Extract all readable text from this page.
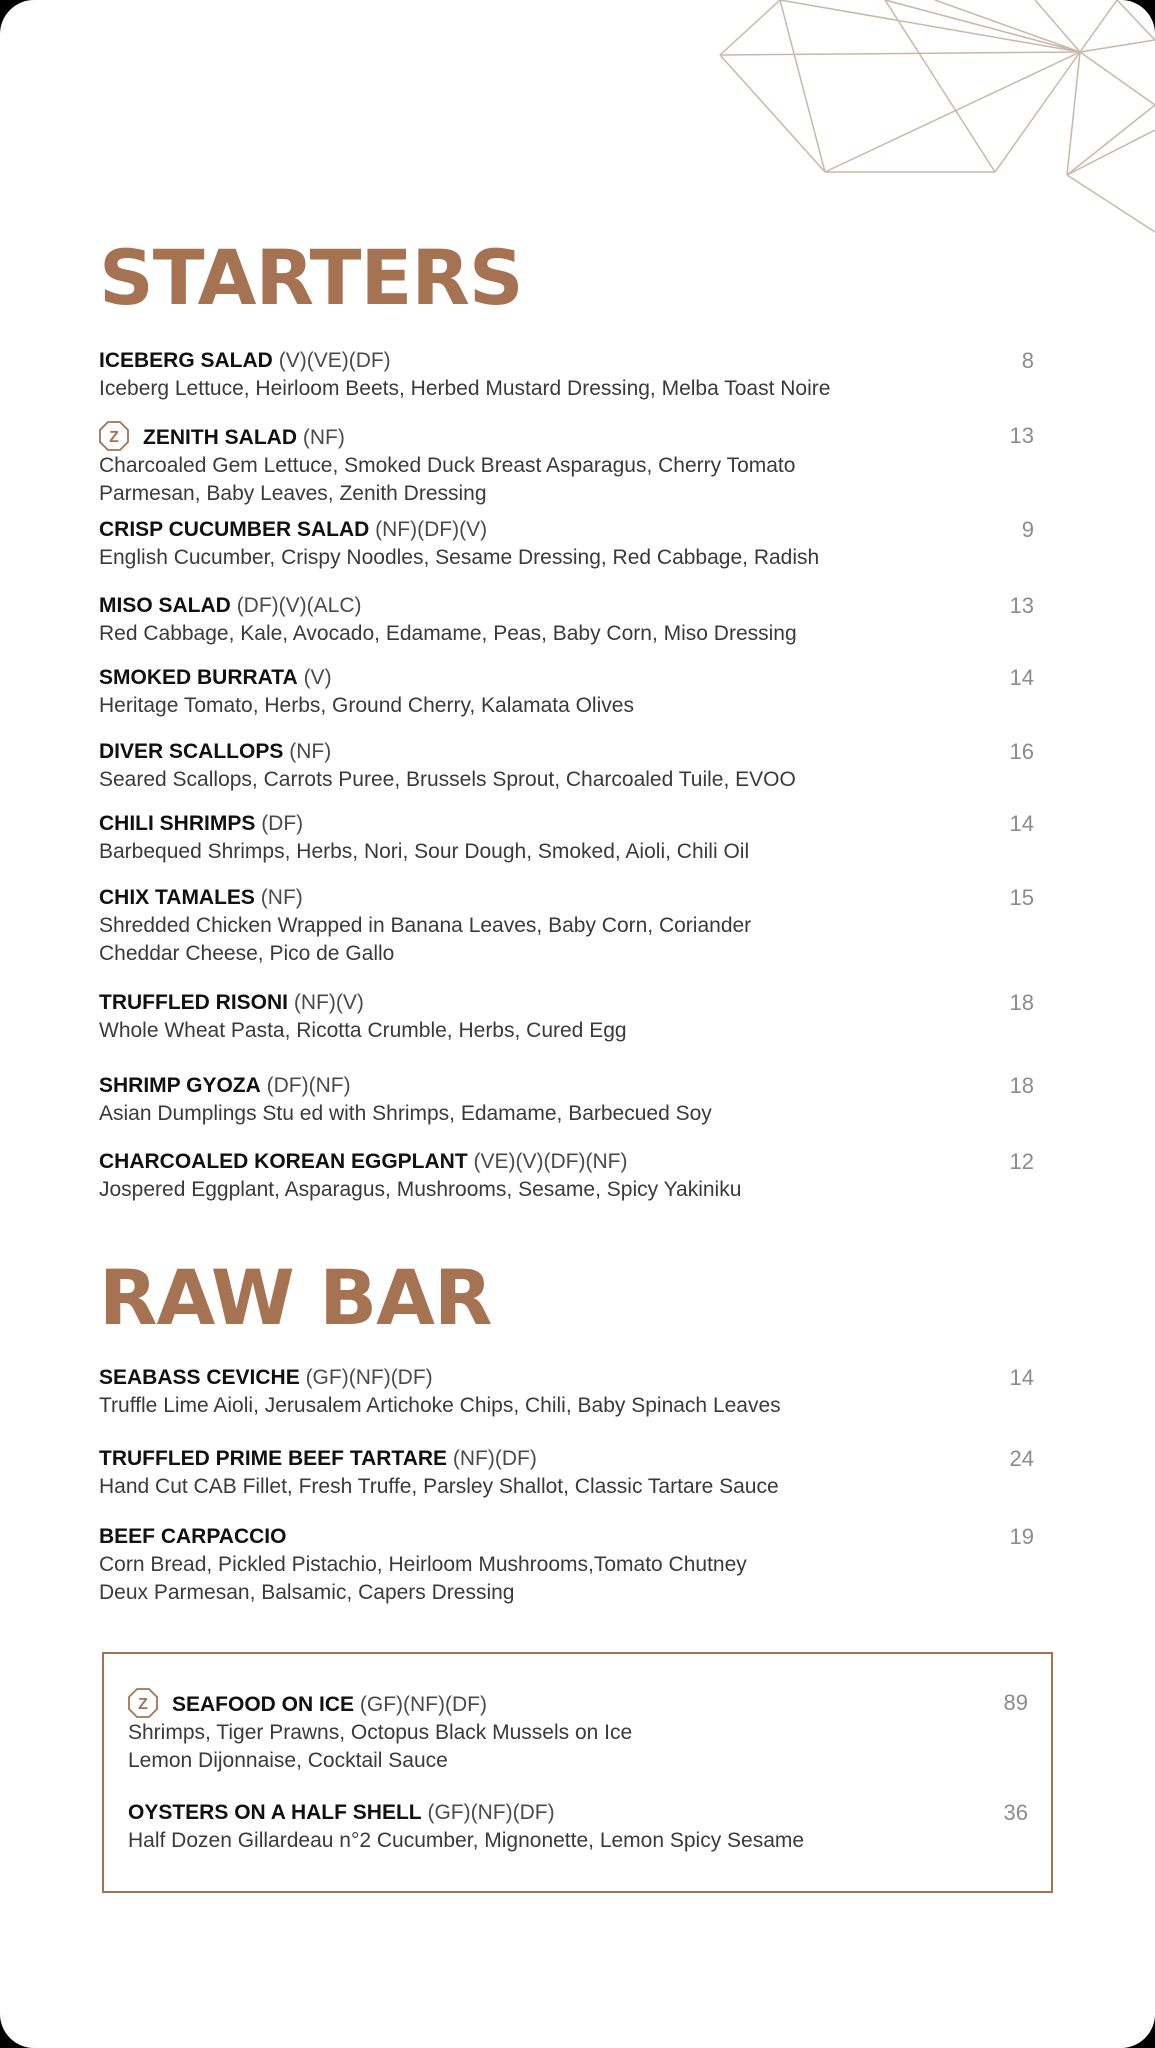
STARTERS
ICEBERG SALAD (V)(VE)(DF)
Iceberg Lettuce, Heirloom Beets, Herbed Mustard Dressing, Melba Toast Noire
8
Z ZENITH SALAD (NF)
Charcoaled Gem Lettuce, Smoked Duck Breast Asparagus, Cherry Tomato
Parmesan, Baby Leaves, Zenith Dressing
13
CRISP CUCUMBER SALAD (NF)(DF)(V)
English Cucumber, Crispy Noodles, Sesame Dressing, Red Cabbage, Radish
9
MISO SALAD (DF)(V)(ALC)
Red Cabbage, Kale, Avocado, Edamame, Peas, Baby Corn, Miso Dressing
13
SMOKED BURRATA (V)
Heritage Tomato, Herbs, Ground Cherry, Kalamata Olives
14
DIVER SCALLOPS (NF)
Seared Scallops, Carrots Puree, Brussels Sprout, Charcoaled Tuile, EVOO
16
CHILI SHRIMPS (DF)
Barbequed Shrimps, Herbs, Nori, Sour Dough, Smoked, Aioli, Chili Oil
14
CHIX TAMALES (NF)
Shredded Chicken Wrapped in Banana Leaves, Baby Corn, Coriander
Cheddar Cheese, Pico de Gallo
15
TRUFFLED RISONI (NF)(V)
Whole Wheat Pasta, Ricotta Crumble, Herbs, Cured Egg
18
SHRIMP GYOZA (DF)(NF)
Asian Dumplings Stu ed with Shrimps, Edamame, Barbecued Soy
18
CHARCOALED KOREAN EGGPLANT (VE)(V)(DF)(NF)
Jospered Eggplant, Asparagus, Mushrooms, Sesame, Spicy Yakiniku
12
RAW BAR
SEABASS CEVICHE (GF)(NF)(DF)
Truffle Lime Aioli, Jerusalem Artichoke Chips, Chili, Baby Spinach Leaves
14
TRUFFLED PRIME BEEF TARTARE (NF)(DF)
Hand Cut CAB Fillet, Fresh Truffe, Parsley Shallot, Classic Tartare Sauce
24
BEEF CARPACCIO
Corn Bread, Pickled Pistachio, Heirloom Mushrooms,Tomato Chutney
Deux Parmesan, Balsamic, Capers Dressing
19
Z SEAFOOD ON ICE (GF)(NF)(DF)
Shrimps, Tiger Prawns, Octopus Black Mussels on Ice
Lemon Dijonnaise, Cocktail Sauce
89
OYSTERS ON A HALF SHELL (GF)(NF)(DF)
Half Dozen Gillardeau n°2 Cucumber, Mignonette, Lemon Spicy Sesame
36
